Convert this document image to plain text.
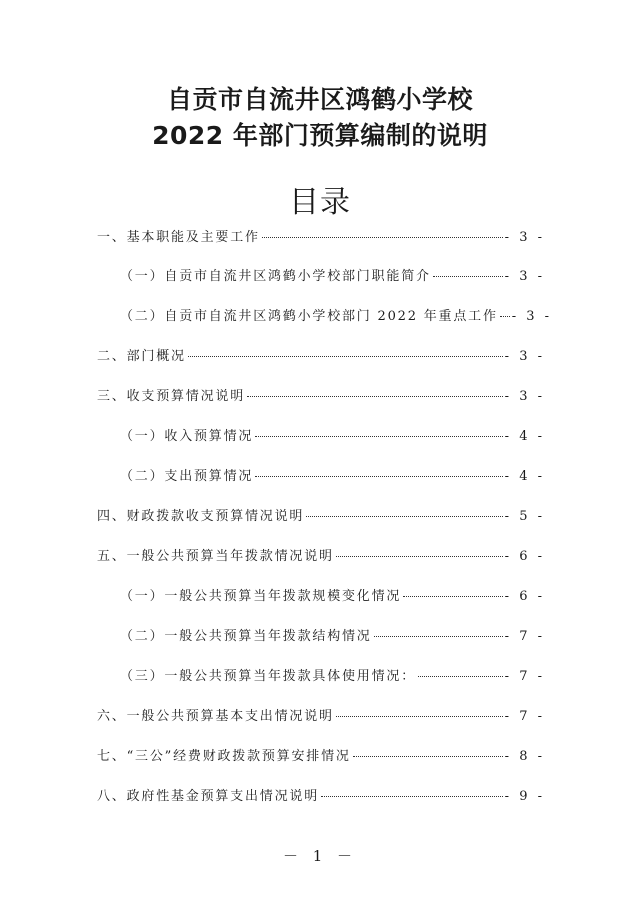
自贡市自流井区鸿鹤小学校
2022 年部门预算编制的说明
目录
一、基本职能及主要工作	- 3 -
（一）自贡市自流井区鸿鹤小学校部门职能简介	- 3 -
（二）自贡市自流井区鸿鹤小学校部门 2022 年重点工作 - 3 -
二、部门概况	- 3 -
三、收支预算情况说明	- 3 -
（一）收入预算情况	- 4 -
（二）支出预算情况	- 4 -
四、财政拨款收支预算情况说明	- 5 -
五、一般公共预算当年拨款情况说明	- 6 -
（一）一般公共预算当年拨款规模变化情况	- 6 -
（二）一般公共预算当年拨款结构情况	- 7 -
（三）一般公共预算当年拨款具体使用情况：	- 7 -
六、一般公共预算基本支出情况说明	- 7 -
七、“三公”经费财政拨款预算安排情况	- 8 -
八、政府性基金预算支出情况说明	- 9 -
－ 1 －
